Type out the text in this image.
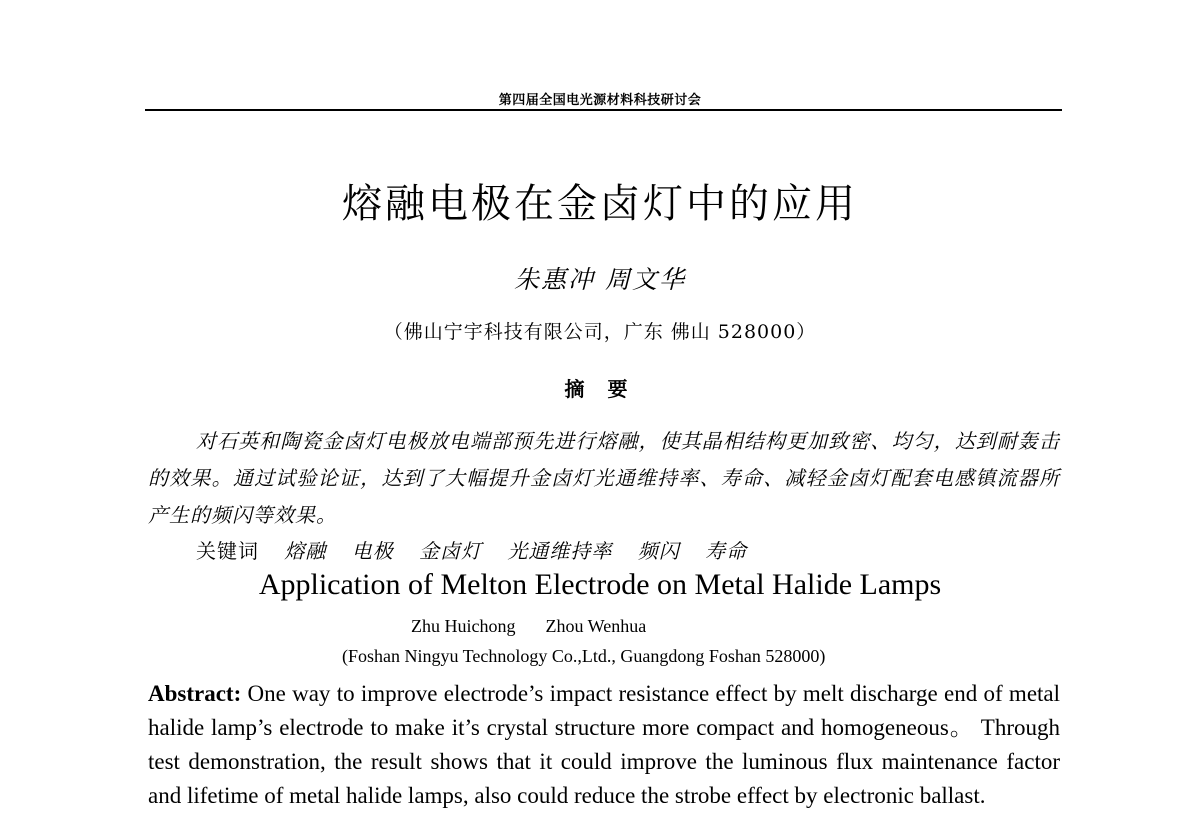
第四届全国电光源材料科技研讨会
熔融电极在金卤灯中的应用
朱惠冲 周文华
（佛山宁宇科技有限公司，广东 佛山 528000）
摘 要

对石英和陶瓷金卤灯电极放电端部预先进行熔融，使其晶相结构更加致密、均匀，达到耐轰击的效果。通过试验论证，达到了大幅提升金卤灯光通维持率、寿命、减轻金卤灯配套电感镇流器所产生的频闪等效果。

关键词 熔融 电极 金卤灯 光通维持率 频闪 寿命
Application of Melton Electrode on Metal Halide Lamps
Zhu Huichong Zhou Wenhua
(Foshan Ningyu Technology Co.,Ltd., Guangdong Foshan 528000)

Abstract: One way to improve electrode’s impact resistance effect by melt discharge end of metal halide lamp’s electrode to make it’s crystal structure more compact and homogeneous。 Through test demonstration, the result shows that it could improve the luminous flux maintenance factor and lifetime of metal halide lamps, also could reduce the strobe effect by electronic ballast.
